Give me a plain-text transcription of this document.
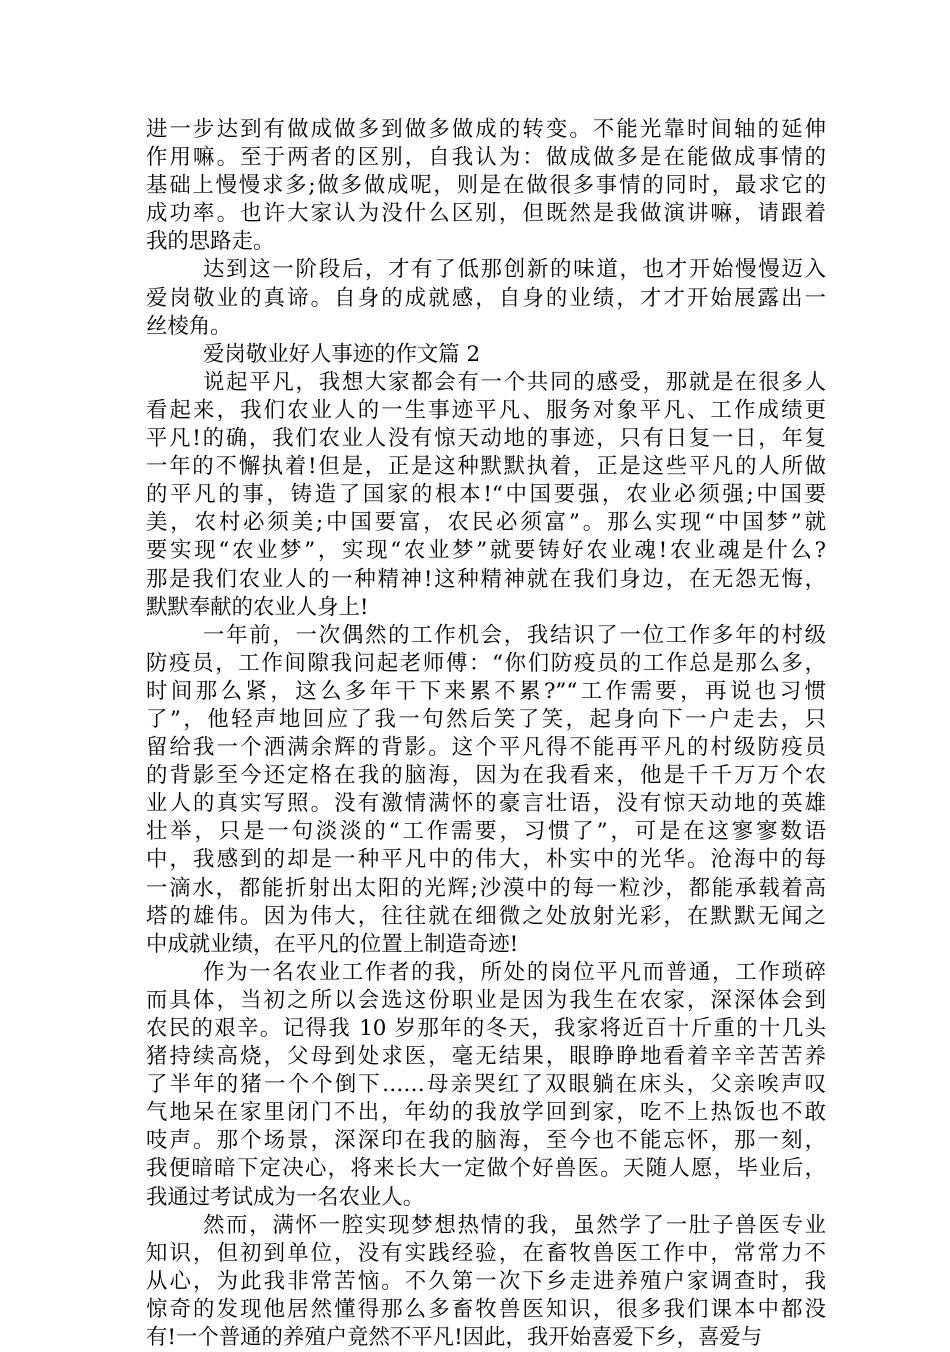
进一步达到有做成做多到做多做成的转变。不能光靠时间轴的延伸
作用嘛。至于两者的区别，自我认为：做成做多是在能做成事情的
基础上慢慢求多;做多做成呢，则是在做很多事情的同时，最求它的
成功率。也许大家认为没什么区别，但既然是我做演讲嘛，请跟着
我的思路走。
达到这一阶段后，才有了低那创新的味道，也才开始慢慢迈入
爱岗敬业的真谛。自身的成就感，自身的业绩，才才开始展露出一
丝棱角。
爱岗敬业好人事迹的作文篇 2
说起平凡，我想大家都会有一个共同的感受，那就是在很多人
看起来，我们农业人的一生事迹平凡、服务对象平凡、工作成绩更
平凡!的确，我们农业人没有惊天动地的事迹，只有日复一日，年复
一年的不懈执着!但是，正是这种默默执着，正是这些平凡的人所做
的平凡的事，铸造了国家的根本!“中国要强，农业必须强;中国要
美，农村必须美;中国要富，农民必须富”。那么实现“中国梦”就
要实现“农业梦”，实现“农业梦”就要铸好农业魂!农业魂是什么?
那是我们农业人的一种精神!这种精神就在我们身边，在无怨无悔，
默默奉献的农业人身上!
一年前，一次偶然的工作机会，我结识了一位工作多年的村级
防疫员，工作间隙我问起老师傅：“你们防疫员的工作总是那么多，
时间那么紧，这么多年干下来累不累?”“工作需要，再说也习惯
了”，他轻声地回应了我一句然后笑了笑，起身向下一户走去，只
留给我一个洒满余辉的背影。这个平凡得不能再平凡的村级防疫员
的背影至今还定格在我的脑海，因为在我看来，他是千千万万个农
业人的真实写照。没有激情满怀的豪言壮语，没有惊天动地的英雄
壮举，只是一句淡淡的“工作需要，习惯了”，可是在这寥寥数语
中，我感到的却是一种平凡中的伟大，朴实中的光华。沧海中的每
一滴水，都能折射出太阳的光辉;沙漠中的每一粒沙，都能承载着高
塔的雄伟。因为伟大，往往就在细微之处放射光彩，在默默无闻之
中成就业绩，在平凡的位置上制造奇迹!
作为一名农业工作者的我，所处的岗位平凡而普通，工作琐碎
而具体，当初之所以会选这份职业是因为我生在农家，深深体会到
农民的艰辛。记得我 10 岁那年的冬天，我家将近百十斤重的十几头
猪持续高烧，父母到处求医，毫无结果，眼睁睁地看着辛辛苦苦养
了半年的猪一个个倒下……母亲哭红了双眼躺在床头，父亲唉声叹
气地呆在家里闭门不出，年幼的我放学回到家，吃不上热饭也不敢
吱声。那个场景，深深印在我的脑海，至今也不能忘怀，那一刻，
我便暗暗下定决心，将来长大一定做个好兽医。天随人愿，毕业后，
我通过考试成为一名农业人。
然而，满怀一腔实现梦想热情的我，虽然学了一肚子兽医专业
知识，但初到单位，没有实践经验，在畜牧兽医工作中，常常力不
从心，为此我非常苦恼。不久第一次下乡走进养殖户家调查时，我
惊奇的发现他居然懂得那么多畜牧兽医知识，很多我们课本中都没
有!一个普通的养殖户竟然不平凡!因此，我开始喜爱下乡，喜爱与
